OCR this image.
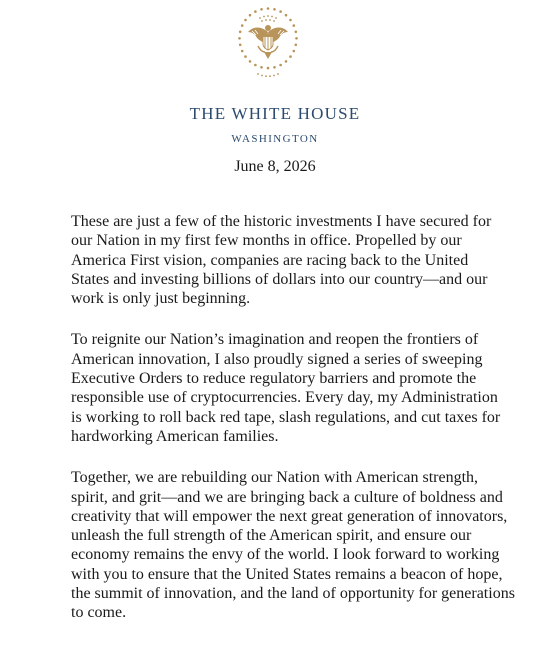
THE WHITE HOUSE
WASHINGTON
June 8, 2026

These are just a few of the historic investments I have secured for
our Nation in my first few months in office. Propelled by our
America First vision, companies are racing back to the United
States and investing billions of dollars into our country—and our
work is only just beginning.

To reignite our Nation’s imagination and reopen the frontiers of
American innovation, I also proudly signed a series of sweeping
Executive Orders to reduce regulatory barriers and promote the
responsible use of cryptocurrencies. Every day, my Administration
is working to roll back red tape, slash regulations, and cut taxes for
hardworking American families.

Together, we are rebuilding our Nation with American strength,
spirit, and grit—and we are bringing back a culture of boldness and
creativity that will empower the next great generation of innovators,
unleash the full strength of the American spirit, and ensure our
economy remains the envy of the world. I look forward to working
with you to ensure that the United States remains a beacon of hope,
the summit of innovation, and the land of opportunity for generations
to come.
